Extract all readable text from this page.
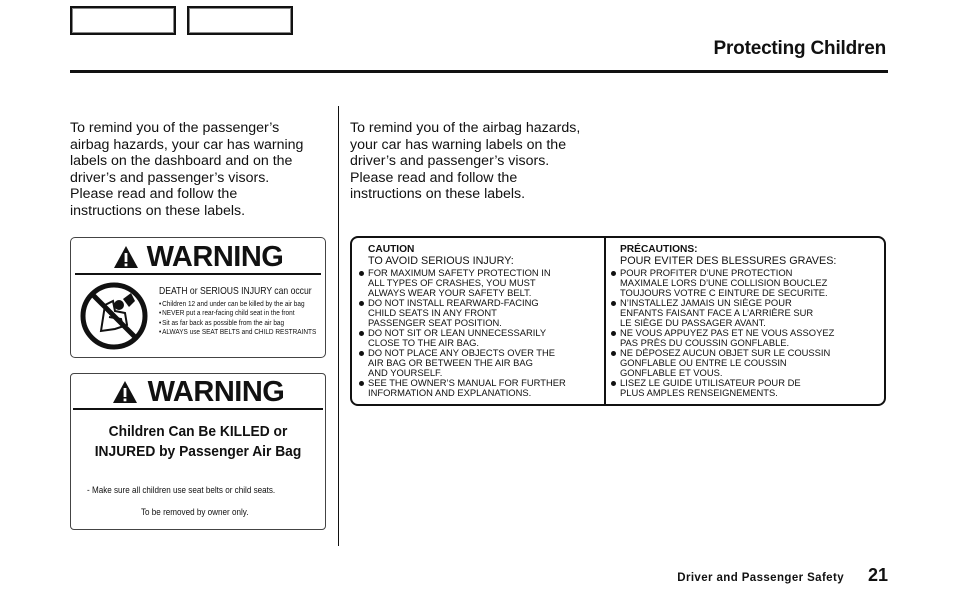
Protecting Children

To remind you of the passenger’s
airbag hazards, your car has warning
labels on the dashboard and on the
driver’s and passenger’s visors.
Please read and follow the
instructions on these labels.

To remind you of the airbag hazards,
your car has warning labels on the
driver’s and passenger’s visors.
Please read and follow the
instructions on these labels.

WARNING
DEATH or SERIOUS INJURY can occur
• Children 12 and under can be killed by the air bag
• NEVER put a rear-facing child seat in the front
• Sit as far back as possible from the air bag
• ALWAYS use SEAT BELTS and CHILD RESTRAINTS
WARNING
Children Can Be KILLED or
INJURED by Passenger Air Bag
- Make sure all children use seat belts or child seats.
To be removed by owner only.
CAUTION
TO AVOID SERIOUS INJURY:
FOR MAXIMUM SAFETY PROTECTION IN
ALL TYPES OF CRASHES, YOU MUST
ALWAYS WEAR YOUR SAFETY BELT.
DO NOT INSTALL REARWARD-FACING
CHILD SEATS IN ANY FRONT
PASSENGER SEAT POSITION.
DO NOT SIT OR LEAN UNNECESSARILY
CLOSE TO THE AIR BAG.
DO NOT PLACE ANY OBJECTS OVER THE
AIR BAG OR BETWEEN THE AIR BAG
AND YOURSELF.
SEE THE OWNER’S MANUAL FOR FURTHER
INFORMATION AND EXPLANATIONS.
PRÉCAUTIONS:
POUR EVITER DES BLESSURES GRAVES:
POUR PROFITER D’UNE PROTECTION
MAXIMALE LORS D’UNE COLLISION BOUCLEZ
TOUJOURS VOTRE C EINTURE DE SECURITE.
N’INSTALLEZ JAMAIS UN SIÈGE POUR
ENFANTS FAISANT FACE A L’ARRIÈRE SUR
LE SIÈGE DU PASSAGER AVANT.
NE VOUS APPUYEZ PAS ET NE VOUS ASSOYEZ
PAS PRÈS DU COUSSIN GONFLABLE.
NE DÉPOSEZ AUCUN OBJET SUR LE COUSSIN
GONFLABLE OU ENTRE LE COUSSIN
GONFLABLE ET VOUS.
LISEZ LE GUIDE UTILISATEUR POUR DE
PLUS AMPLES RENSEIGNEMENTS.
Driver and Passenger Safety 21
